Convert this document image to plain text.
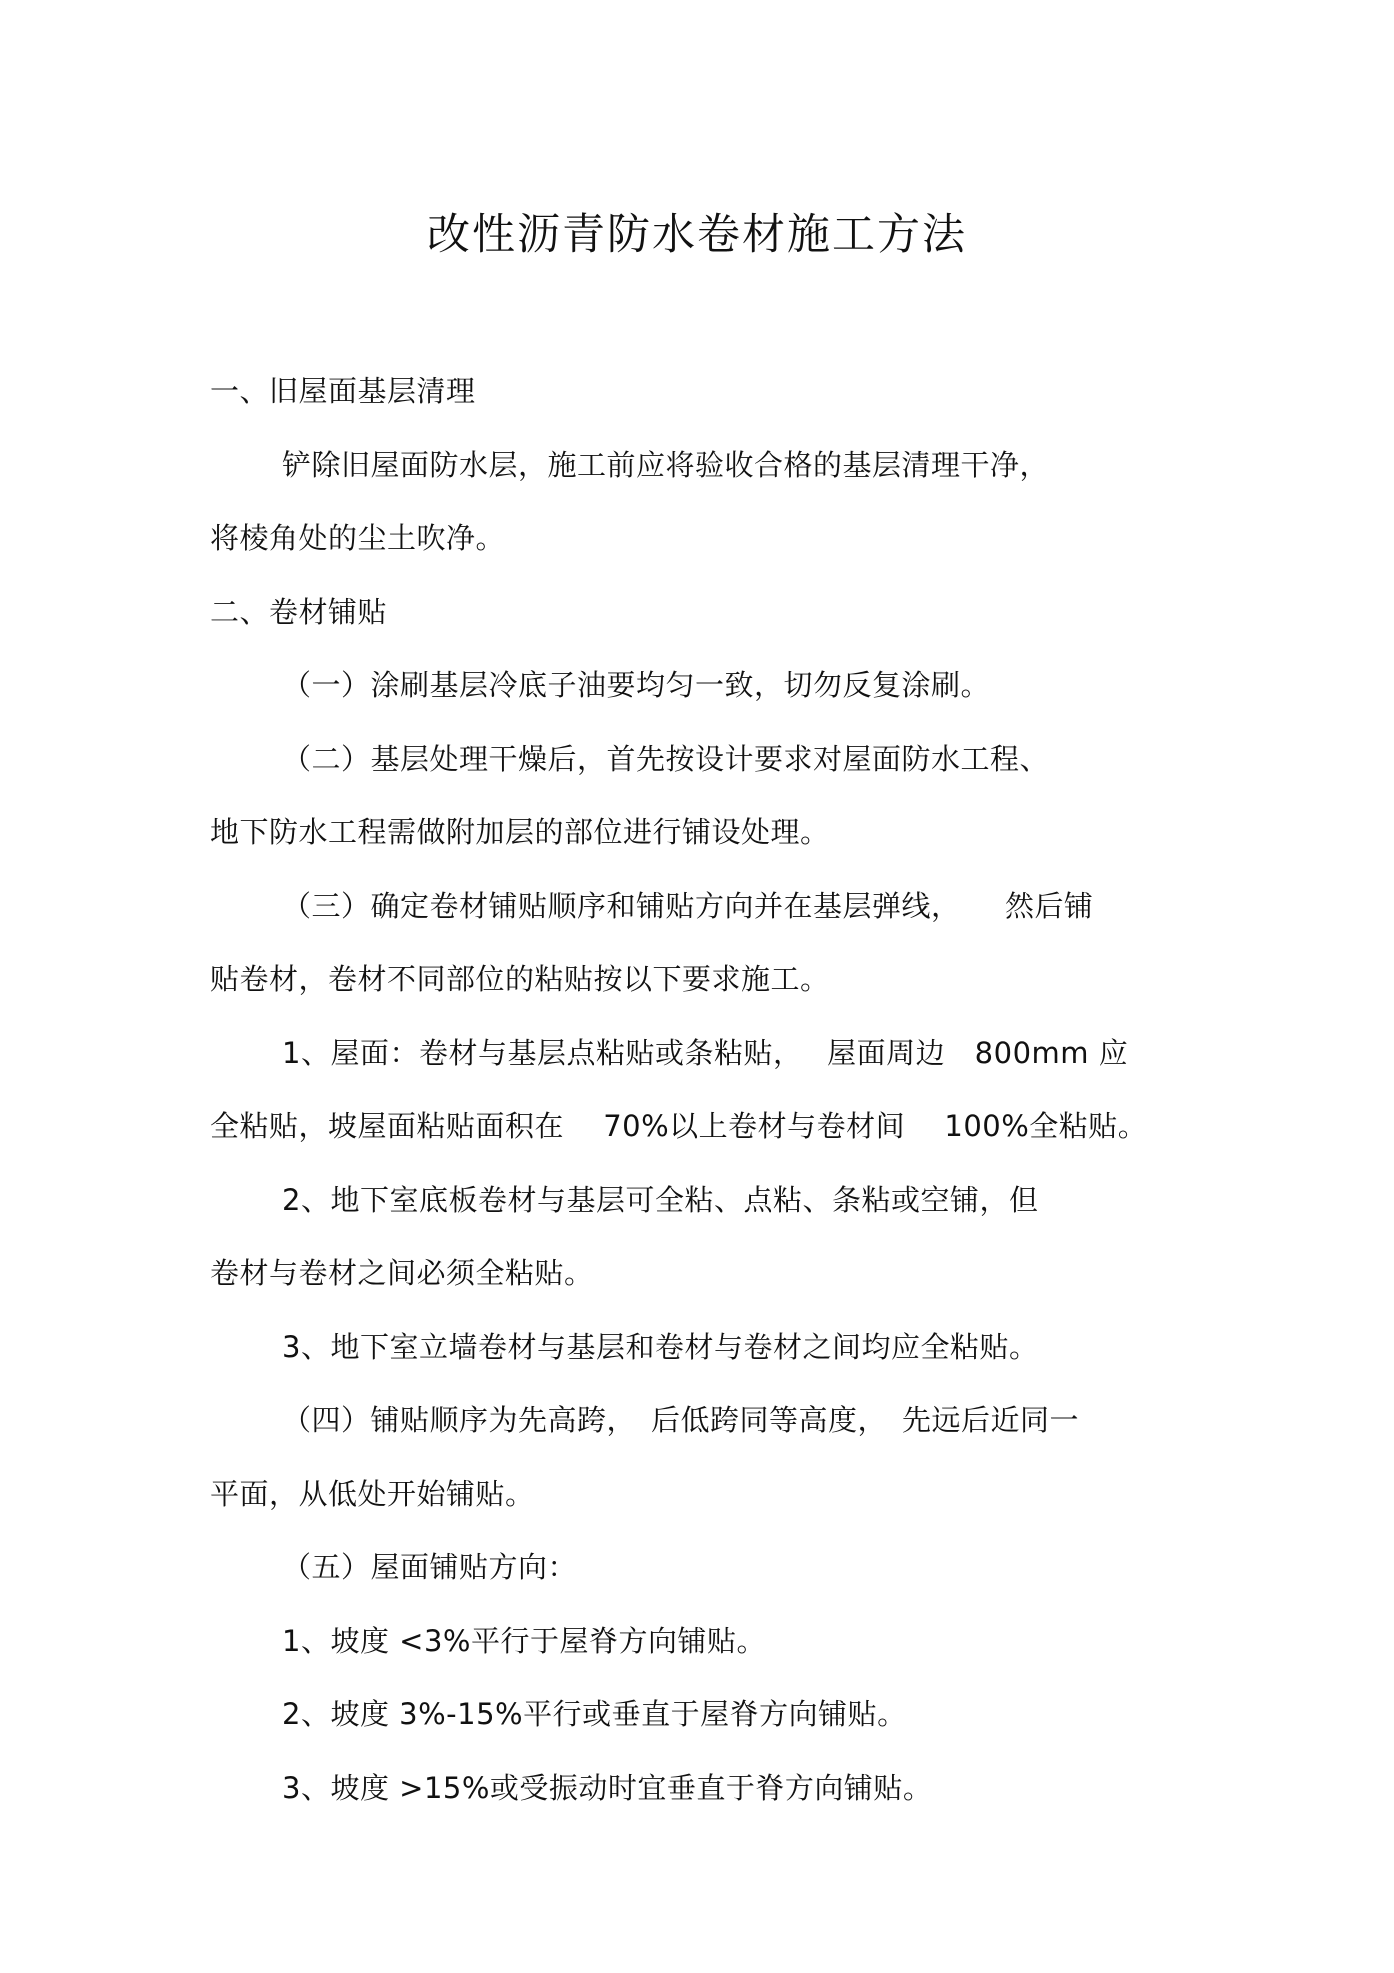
改性沥青防水卷材施工方法
一、旧屋面基层清理
铲除旧屋面防水层，施工前应将验收合格的基层清理干净，
将棱角处的尘土吹净。
二、卷材铺贴
（一）涂刷基层冷底子油要均匀一致，切勿反复涂刷。
（二）基层处理干燥后，首先按设计要求对屋面防水工程、
地下防水工程需做附加层的部位进行铺设处理。
（三）确定卷材铺贴顺序和铺贴方向并在基层弹线，　　然后铺
贴卷材，卷材不同部位的粘贴按以下要求施工。
1、屋面：卷材与基层点粘贴或条粘贴，　 屋面周边　800mm 应
全粘贴，坡屋面粘贴面积在　 70%以上卷材与卷材间　 100%全粘贴。
2、地下室底板卷材与基层可全粘、点粘、条粘或空铺，但
卷材与卷材之间必须全粘贴。
3、地下室立墙卷材与基层和卷材与卷材之间均应全粘贴。
（四）铺贴顺序为先高跨，　后低跨同等高度，　先远后近同一
平面，从低处开始铺贴。
（五）屋面铺贴方向：
1、坡度 <3%平行于屋脊方向铺贴。
2、坡度 3%-15%平行或垂直于屋脊方向铺贴。
3、坡度 >15%或受振动时宜垂直于脊方向铺贴。
